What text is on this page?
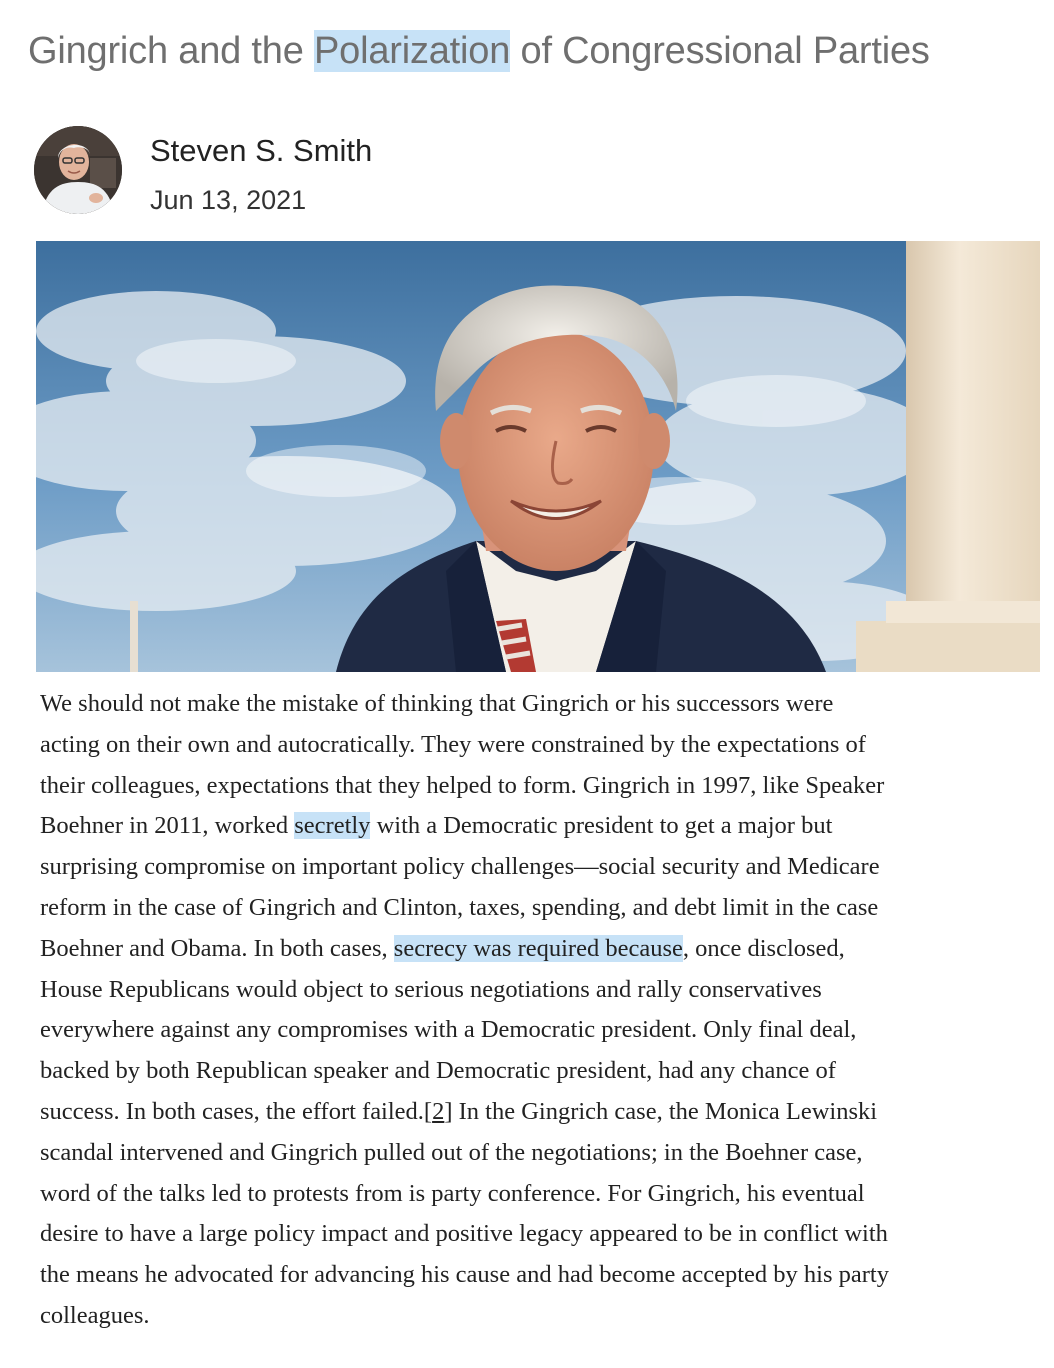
Gingrich and the Polarization of Congressional Parties
Steven S. Smith
Jun 13, 2021
We should not make the mistake of thinking that Gingrich or his successors were
acting on their own and autocratically. They were constrained by the expectations of
their colleagues, expectations that they helped to form. Gingrich in 1997, like Speaker
Boehner in 2011, worked secretly with a Democratic president to get a major but
surprising compromise on important policy challenges—social security and Medicare
reform in the case of Gingrich and Clinton, taxes, spending, and debt limit in the case
Boehner and Obama. In both cases, secrecy was required because, once disclosed,
House Republicans would object to serious negotiations and rally conservatives
everywhere against any compromises with a Democratic president. Only final deal,
backed by both Republican speaker and Democratic president, had any chance of
success. In both cases, the effort failed.[2] In the Gingrich case, the Monica Lewinski
scandal intervened and Gingrich pulled out of the negotiations; in the Boehner case,
word of the talks led to protests from is party conference. For Gingrich, his eventual
desire to have a large policy impact and positive legacy appeared to be in conflict with
the means he advocated for advancing his cause and had become accepted by his party
colleagues.
